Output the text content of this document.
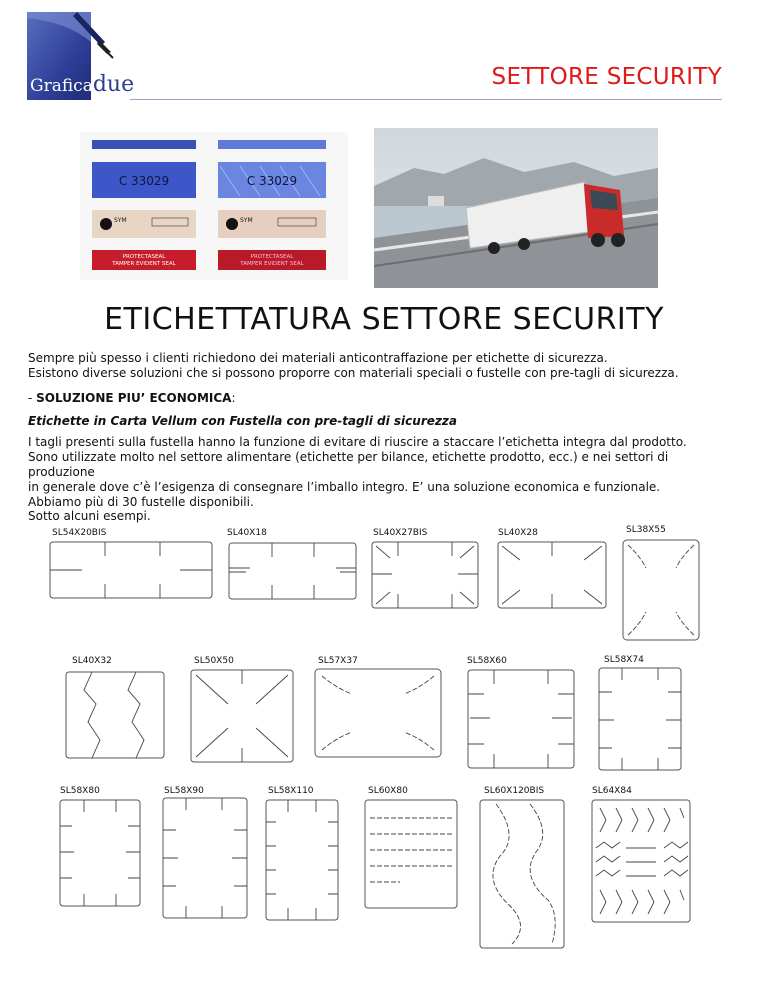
Graficadue	SETTORE SECURITY
C 33029	C 33029
SYM	SYM
PROTECTASEAL
TAMPER EVIDENT SEAL
PROTECTASEAL
TAMPER EVIDENT SEAL
ETICHETTATURA SETTORE SECURITY
Sempre più spesso i clienti richiedono dei materiali anticontraffazione per etichette di sicurezza.
Esistono diverse soluzioni che si possono proporre con materiali speciali o fustelle con pre-tagli di sicurezza.
- SOLUZIONE PIU’ ECONOMICA:
Etichette in Carta Vellum con Fustella con pre-tagli di sicurezza
I tagli presenti sulla fustella hanno la funzione di evitare di riuscire a staccare l’etichetta integra dal prodotto.
Sono utilizzate molto nel settore alimentare (etichette per bilance, etichette prodotto, ecc.) e nei settori di produzione
in generale dove c’è l’esigenza di consegnare l’imballo integro. E’ una soluzione economica e funzionale.
Abbiamo più di 30 fustelle disponibili.
Sotto alcuni esempi.
SL54X20BIS	SL40X18	SL40X27BIS	SL40X28	SL38X55
SL40X32	SL50X50	SL57X37	SL58X60	SL58X74
SL58X80	SL58X90	SL58X110	SL60X80	SL60X120BIS	SL64X84
